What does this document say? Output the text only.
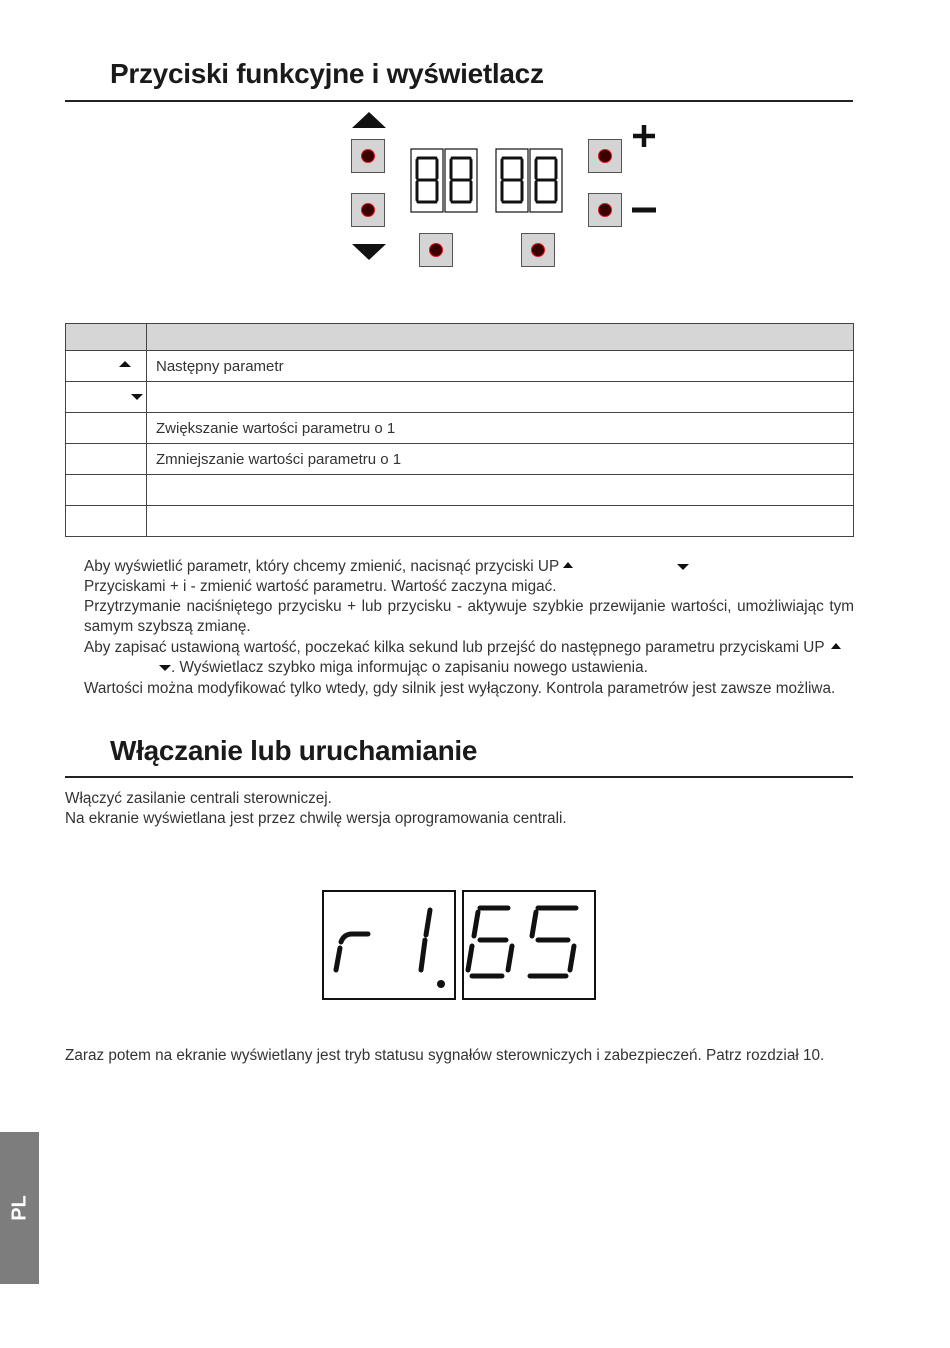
Przyciski funkcyjne i wyświetlacz

	Następny parametr

	Zwiększanie wartości parametru o 1
	Zmniejszanie wartości parametru o 1

Aby wyświetlić parametr, który chcemy zmienić, nacisnąć przyciski UP

Przyciskami + i - zmienić wartość parametru. Wartość zaczyna migać.

Przytrzymanie naciśniętego przycisku + lub przycisku - aktywuje szybkie przewijanie wartości, umożliwiając tym samym szybszą zmianę.

Aby zapisać ustawioną wartość, poczekać kilka sekund lub przejść do następnego parametru przyciskami UP

. Wyświetlacz szybko miga informując o zapisaniu nowego ustawienia.

Wartości można modyfikować tylko wtedy, gdy silnik jest wyłączony. Kontrola parametrów jest zawsze możliwa.

Włączanie lub uruchamianie

Włączyć zasilanie centrali sterowniczej.

Na ekranie wyświetlana jest przez chwilę wersja oprogramowania centrali.

Zaraz potem na ekranie wyświetlany jest tryb statusu sygnałów sterowniczych i zabezpieczeń. Patrz rozdział 10.

PL
